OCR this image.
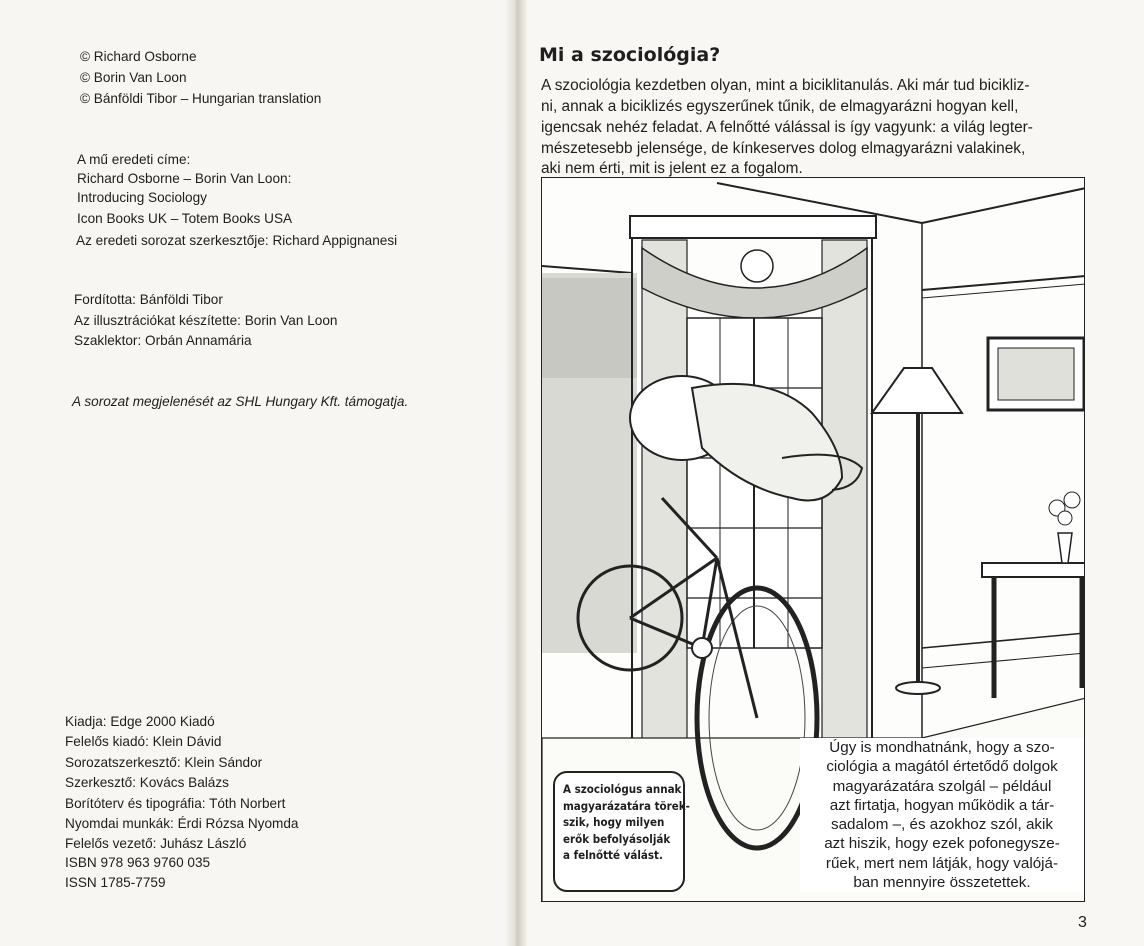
© Richard Osborne
© Borin Van Loon
© Bánföldi Tibor – Hungarian translation
A mű eredeti címe:
Richard Osborne – Borin Van Loon:
Introducing Sociology
Icon Books UK – Totem Books USA
Az eredeti sorozat szerkesztője: Richard Appignanesi
Fordította: Bánföldi Tibor
Az illusztrációkat készítette: Borin Van Loon
Szaklektor: Orbán Annamária
A sorozat megjelenését az SHL Hungary Kft. támogatja.
Kiadja: Edge 2000 Kiadó
Felelős kiadó: Klein Dávid
Sorozatszerkesztő: Klein Sándor
Szerkesztő: Kovács Balázs
Borítóterv és tipográfia: Tóth Norbert
Nyomdai munkák: Érdi Rózsa Nyomda
Felelős vezető: Juhász László
ISBN 978 963 9760 035
ISSN 1785-7759
Mi a szociológia?
A szociológia kezdetben olyan, mint a biciklitanulás. Aki már tud bicikliz-
ni, annak a biciklizés egyszerűnek tűnik, de elmagyarázni hogyan kell,
igencsak nehéz feladat. A felnőtté válással is így vagyunk: a világ legter-
mészetesebb jelensége, de kínkeserves dolog elmagyarázni valakinek,
aki nem érti, mit is jelent ez a fogalom.
A szociológus annak
magyarázatára törek-
szik, hogy milyen
erők befolyásolják
a felnőtté válást.
Úgy is mondhatnánk, hogy a szo-
ciológia a magától értetődő dolgok
magyarázatára szolgál – például
azt firtatja, hogyan működik a tár-
sadalom –, és azokhoz szól, akik
azt hiszik, hogy ezek pofonegysze-
rűek, mert nem látják, hogy valójá-
ban mennyire összetettek.
3
